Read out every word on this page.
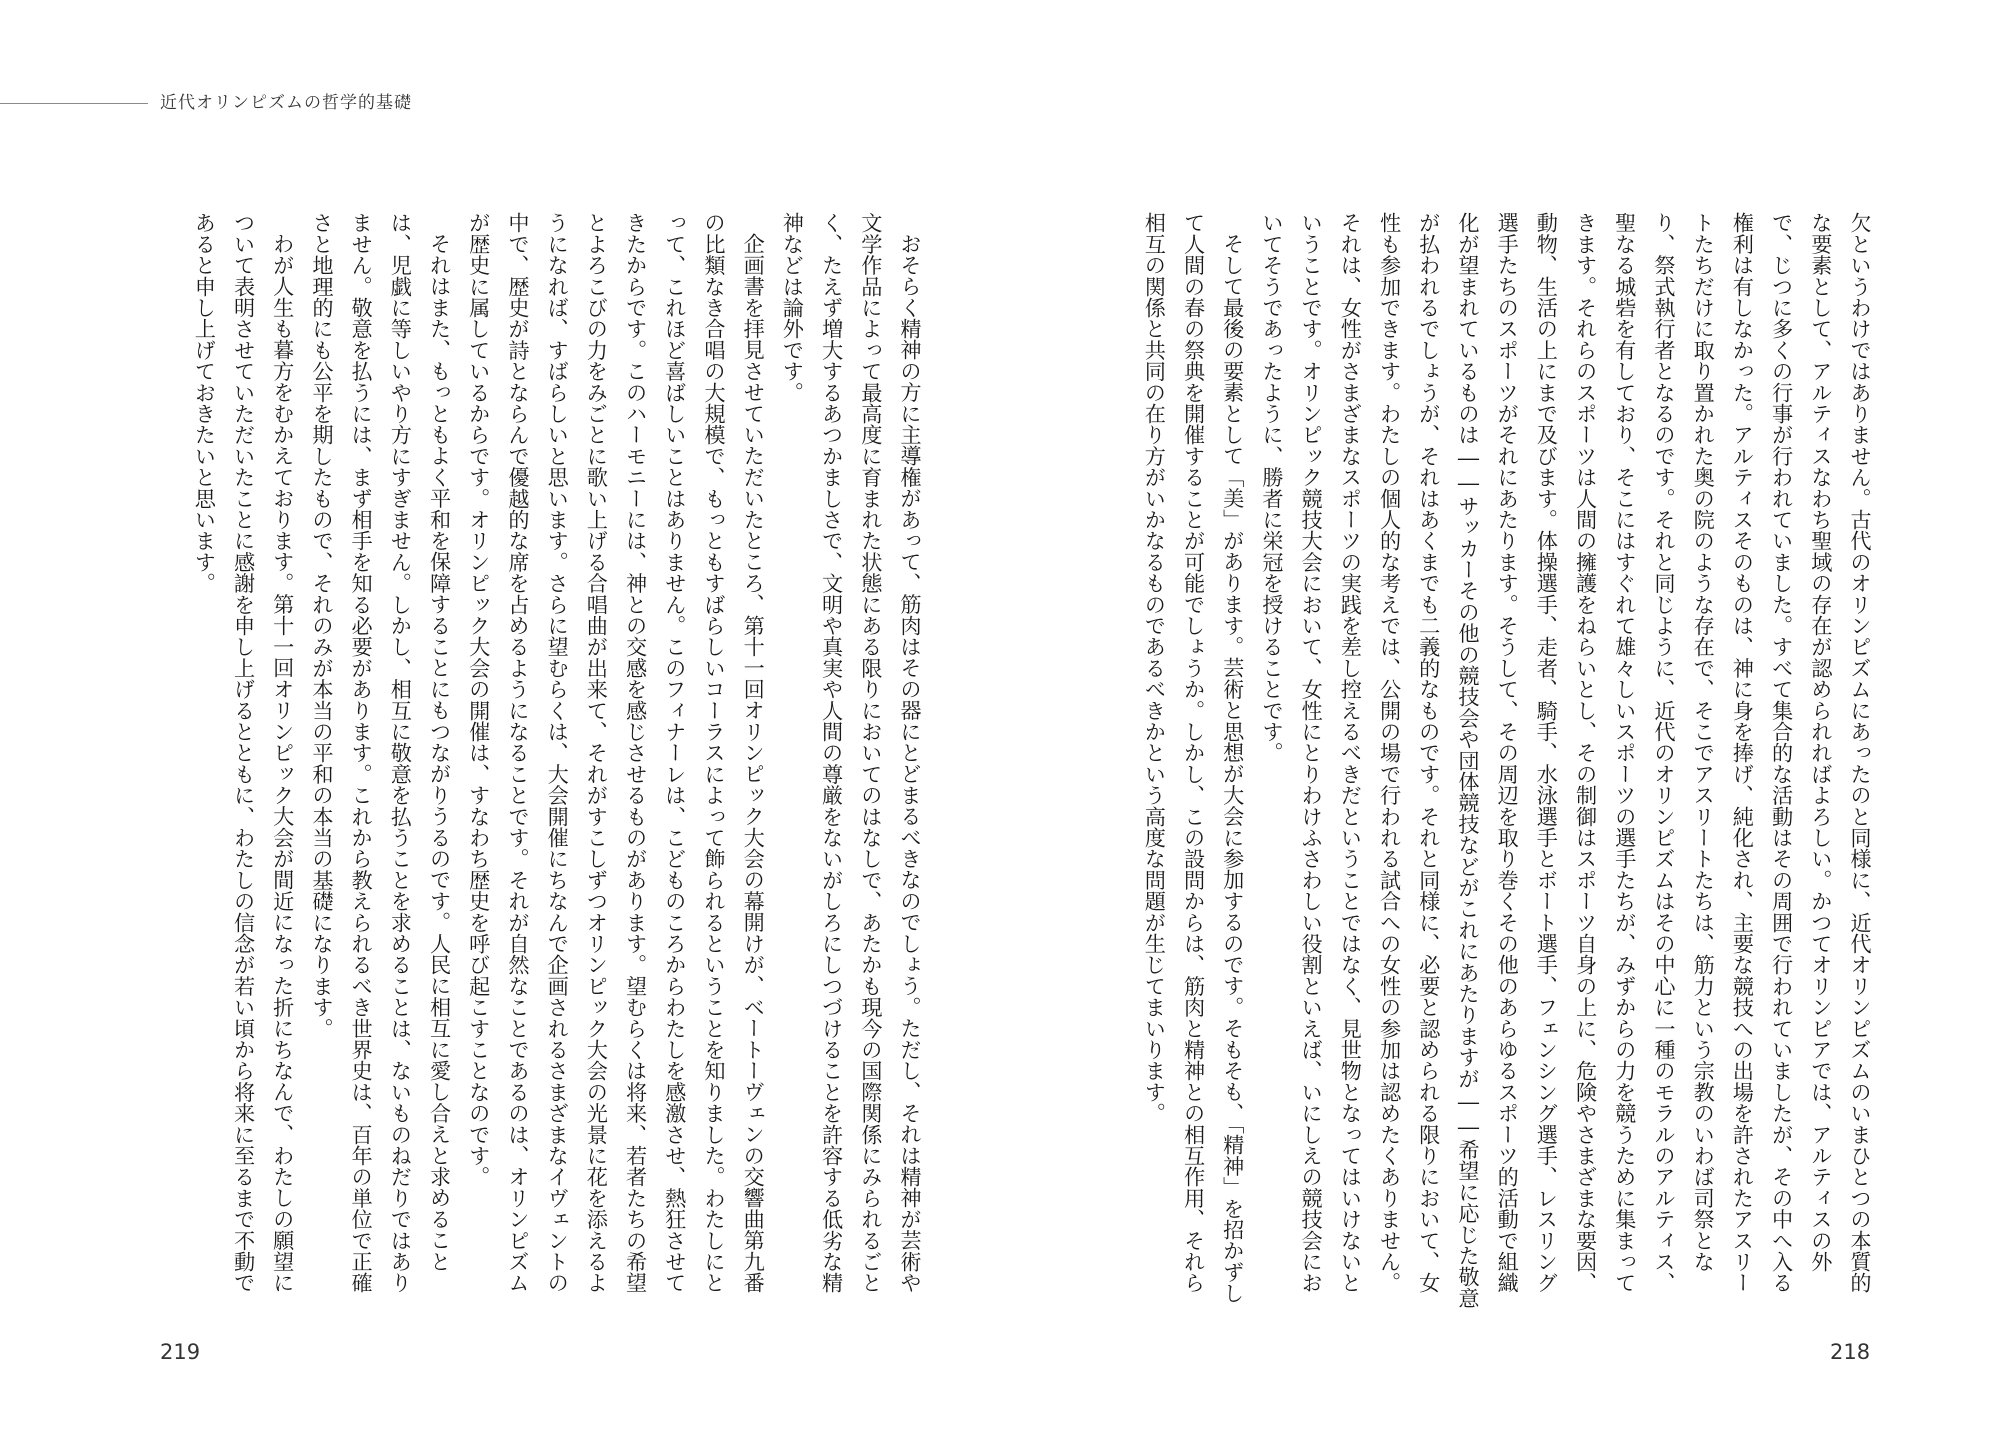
近代オリンピズムの哲学的基礎

欠というわけではありません。古代のオリンピズムにあったのと同様に、近代オリンピズムのいまひとつの本質的な要素として、アルティスなわち聖域の存在が認められればよろしい。かつてオリンピアでは、アルティスの外で、じつに多くの行事が行われていました。すべて集合的な活動はその周囲で行われていましたが、その中へ入る権利は有しなかった。アルティスそのものは、神に身を捧げ、純化され、主要な競技への出場を許されたアスリートたちだけに取り置かれた奥の院のような存在で、そこでアスリートたちは、筋力という宗教のいわば司祭となり、祭式執行者となるのです。それと同じように、近代のオリンピズムはその中心に一種のモラルのアルティス、聖なる城砦を有しており、そこにはすぐれて雄々しいスポーツの選手たちが、みずからの力を競うために集まってきます。それらのスポーツは人間の擁護をねらいとし、その制御はスポーツ自身の上に、危険やさまざまな要因、動物、生活の上にまで及びます。体操選手、走者、騎手、水泳選手とボート選手、フェンシング選手、レスリング選手たちのスポーツがそれにあたります。そうして、その周辺を取り巻くその他のあらゆるスポーツ的活動で組織化が望まれているものは――サッカーその他の競技会や団体競技などがこれにあたりますが――希望に応じた敬意が払われるでしょうが、それはあくまでも二義的なものです。それと同様に、必要と認められる限りにおいて、女性も参加できます。わたしの個人的な考えでは、公開の場で行われる試合への女性の参加は認めたくありません。それは、女性がさまざまなスポーツの実践を差し控えるべきだということではなく、見世物となってはいけないということです。オリンピック競技大会において、女性にとりわけふさわしい役割といえば、いにしえの競技会においてそうであったように、勝者に栄冠を授けることです。

そして最後の要素として「美」があります。芸術と思想が大会に参加するのです。そもそも、「精神」を招かずして人間の春の祭典を開催することが可能でしょうか。しかし、この設問からは、筋肉と精神との相互作用、それら相互の関係と共同の在り方がいかなるものであるべきかという高度な問題が生じてまいります。

おそらく精神の方に主導権があって、筋肉はその器にとどまるべきなのでしょう。ただし、それは精神が芸術や文学作品によって最高度に育まれた状態にある限りにおいてのはなしで、あたかも現今の国際関係にみられるごとく、たえず増大するあつかましさで、文明や真実や人間の尊厳をないがしろにしつづけることを許容する低劣な精神などは論外です。

企画書を拝見させていただいたところ、第十一回オリンピック大会の幕開けが、ベートーヴェンの交響曲第九番の比類なき合唱の大規模で、もっともすばらしいコーラスによって飾られるということを知りました。わたしにとって、これほど喜ばしいことはありません。このフィナーレは、こどものころからわたしを感激させ、熱狂させてきたからです。このハーモニーには、神との交感を感じさせるものがあります。望むらくは将来、若者たちの希望とよろこびの力をみごとに歌い上げる合唱曲が出来て、それがすこしずつオリンピック大会の光景に花を添えるようになれば、すばらしいと思います。さらに望むらくは、大会開催にちなんで企画されるさまざまなイヴェントの中で、歴史が詩とならんで優越的な席を占めるようになることです。それが自然なことであるのは、オリンピズムが歴史に属しているからです。オリンピック大会の開催は、すなわち歴史を呼び起こすことなのです。

それはまた、もっともよく平和を保障することにもつながりうるのです。人民に相互に愛し合えと求めることは、児戯に等しいやり方にすぎません。しかし、相互に敬意を払うことを求めることは、ないものねだりではありません。敬意を払うには、まず相手を知る必要があります。これから教えられるべき世界史は、百年の単位で正確さと地理的にも公平を期したもので、それのみが本当の平和の本当の基礎になります。

わが人生も暮方をむかえております。第十一回オリンピック大会が間近になった折にちなんで、わたしの願望について表明させていただいたことに感謝を申し上げるとともに、わたしの信念が若い頃から将来に至るまで不動であると申し上げておきたいと思います。

219	218
